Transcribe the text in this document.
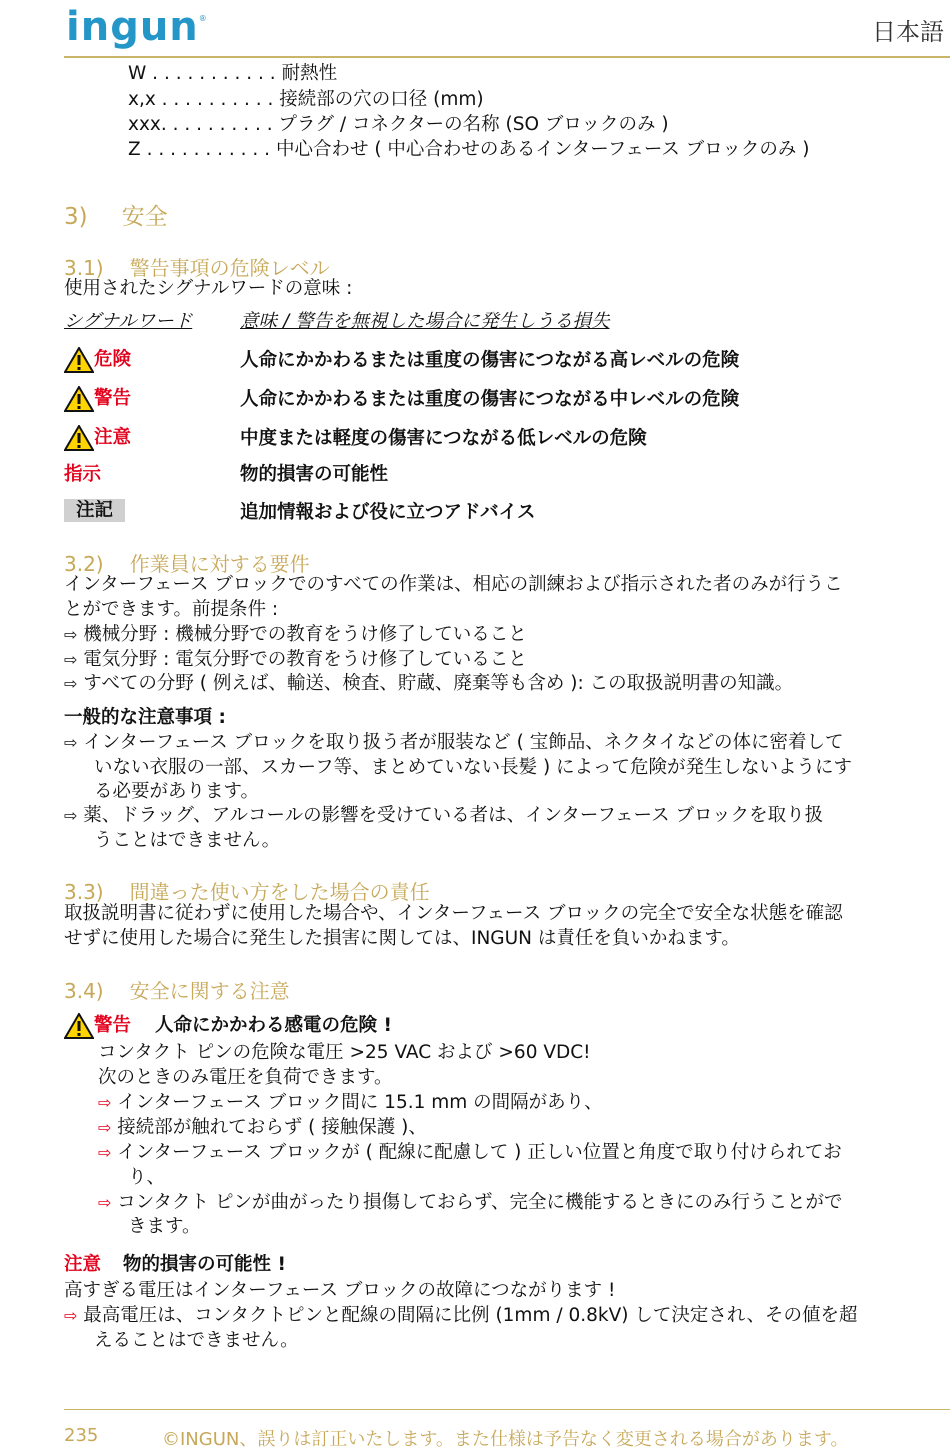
ingun®	日本語
W . . . . . . . . . . . 耐熱性
x,x . . . . . . . . . . 接続部の穴の口径 (mm)
xxx. . . . . . . . . . プラグ / コネクターの名称 (SO ブロックのみ )
Z . . . . . . . . . . . 中心合わせ ( 中心合わせのあるインターフェース ブロックのみ )
3) 安全
3.1) 警告事項の危険レベル
使用されたシグナルワードの意味 :
シグナルワード	意味 / 警告を無視した場合に発生しうる損失
危険	人命にかかわるまたは重度の傷害につながる高レベルの危険
警告	人命にかかわるまたは重度の傷害につながる中レベルの危険
注意	中度または軽度の傷害につながる低レベルの危険
指示	物的損害の可能性
注記	追加情報および役に立つアドバイス
3.2) 作業員に対する要件
インターフェース ブロックでのすべての作業は、相応の訓練および指示された者のみが行うこ
とができます。前提条件 :
⇨ 機械分野 : 機械分野での教育をうけ修了していること
⇨ 電気分野 : 電気分野での教育をうけ修了していること
⇨ すべての分野 ( 例えば、輸送、検査、貯蔵、廃棄等も含め ): この取扱説明書の知識。
一般的な注意事項 :
⇨ インターフェース ブロックを取り扱う者が服装など ( 宝飾品、ネクタイなどの体に密着して
いない衣服の一部、スカーフ等、まとめていない長髪 ) によって危険が発生しないようにす
る必要があります。
⇨ 薬、ドラッグ、アルコールの影響を受けている者は、インターフェース ブロックを取り扱
うことはできません。
3.3) 間違った使い方をした場合の責任
取扱説明書に従わずに使用した場合や、インターフェース ブロックの完全で安全な状態を確認
せずに使用した場合に発生した損害に関しては、INGUN は責任を負いかねます。
3.4) 安全に関する注意
警告 人命にかかわる感電の危険 !
コンタクト ピンの危険な電圧 >25 VAC および >60 VDC!
次のときのみ電圧を負荷できます。
⇨ インターフェース ブロック間に 15.1 mm の間隔があり、
⇨ 接続部が触れておらず ( 接触保護 )、
⇨ インターフェース ブロックが ( 配線に配慮して ) 正しい位置と角度で取り付けられてお
り、
⇨ コンタクト ピンが曲がったり損傷しておらず、完全に機能するときにのみ行うことがで
きます。
注意 物的損害の可能性 !
高すぎる電圧はインターフェース ブロックの故障につながります !
⇨ 最高電圧は、コンタクトピンと配線の間隔に比例 (1mm / 0.8kV) して決定され、その値を超
えることはできません。
235	©INGUN、誤りは訂正いたします。また仕様は予告なく変更される場合があります。
